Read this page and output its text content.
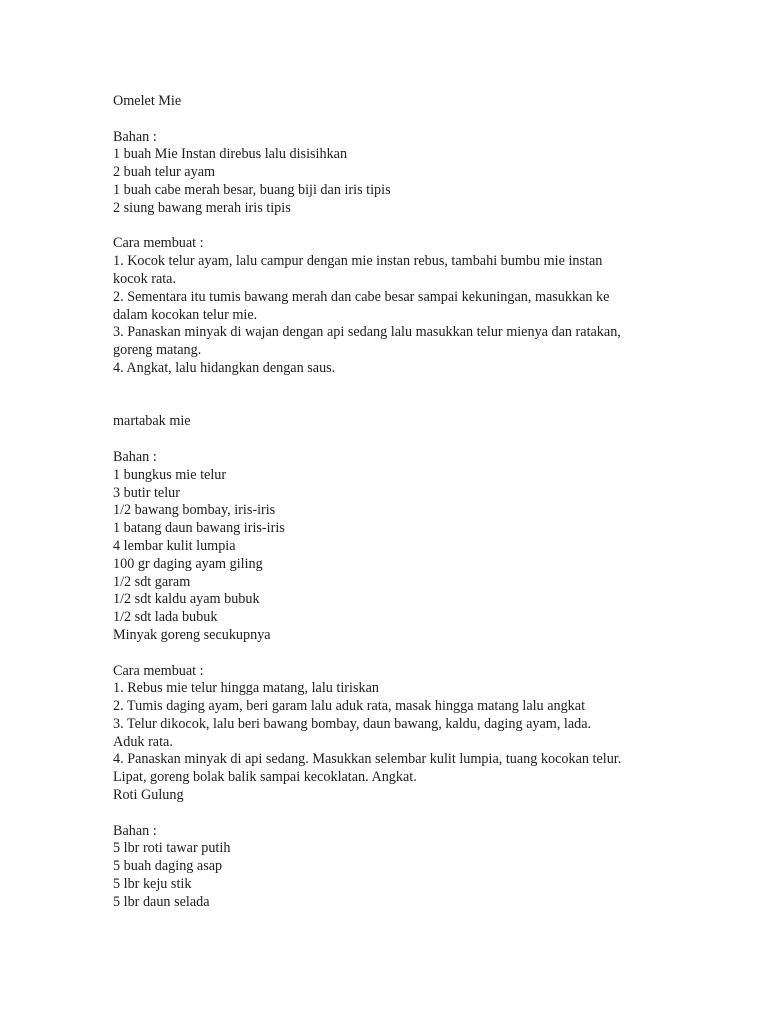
Omelet Mie
Bahan :
1 buah Mie Instan direbus lalu disisihkan
2 buah telur ayam
1 buah cabe merah besar, buang biji dan iris tipis
2 siung bawang merah iris tipis
Cara membuat :
1. Kocok telur ayam, lalu campur dengan mie instan rebus, tambahi bumbu mie instan
kocok rata.
2. Sementara itu tumis bawang merah dan cabe besar sampai kekuningan, masukkan ke
dalam kocokan telur mie.
3. Panaskan minyak di wajan dengan api sedang lalu masukkan telur mienya dan ratakan,
goreng matang.
4. Angkat, lalu hidangkan dengan saus.
martabak mie
Bahan :
1 bungkus mie telur
3 butir telur
1/2 bawang bombay, iris-iris
1 batang daun bawang iris-iris
4 lembar kulit lumpia
100 gr daging ayam giling
1/2 sdt garam
1/2 sdt kaldu ayam bubuk
1/2 sdt lada bubuk
Minyak goreng secukupnya
Cara membuat :
1. Rebus mie telur hingga matang, lalu tiriskan
2. Tumis daging ayam, beri garam lalu aduk rata, masak hingga matang lalu angkat
3. Telur dikocok, lalu beri bawang bombay, daun bawang, kaldu, daging ayam, lada.
Aduk rata.
4. Panaskan minyak di api sedang. Masukkan selembar kulit lumpia, tuang kocokan telur.
Lipat, goreng bolak balik sampai kecoklatan. Angkat.
Roti Gulung
Bahan :
5 lbr roti tawar putih
5 buah daging asap
5 lbr keju stik
5 lbr daun selada
